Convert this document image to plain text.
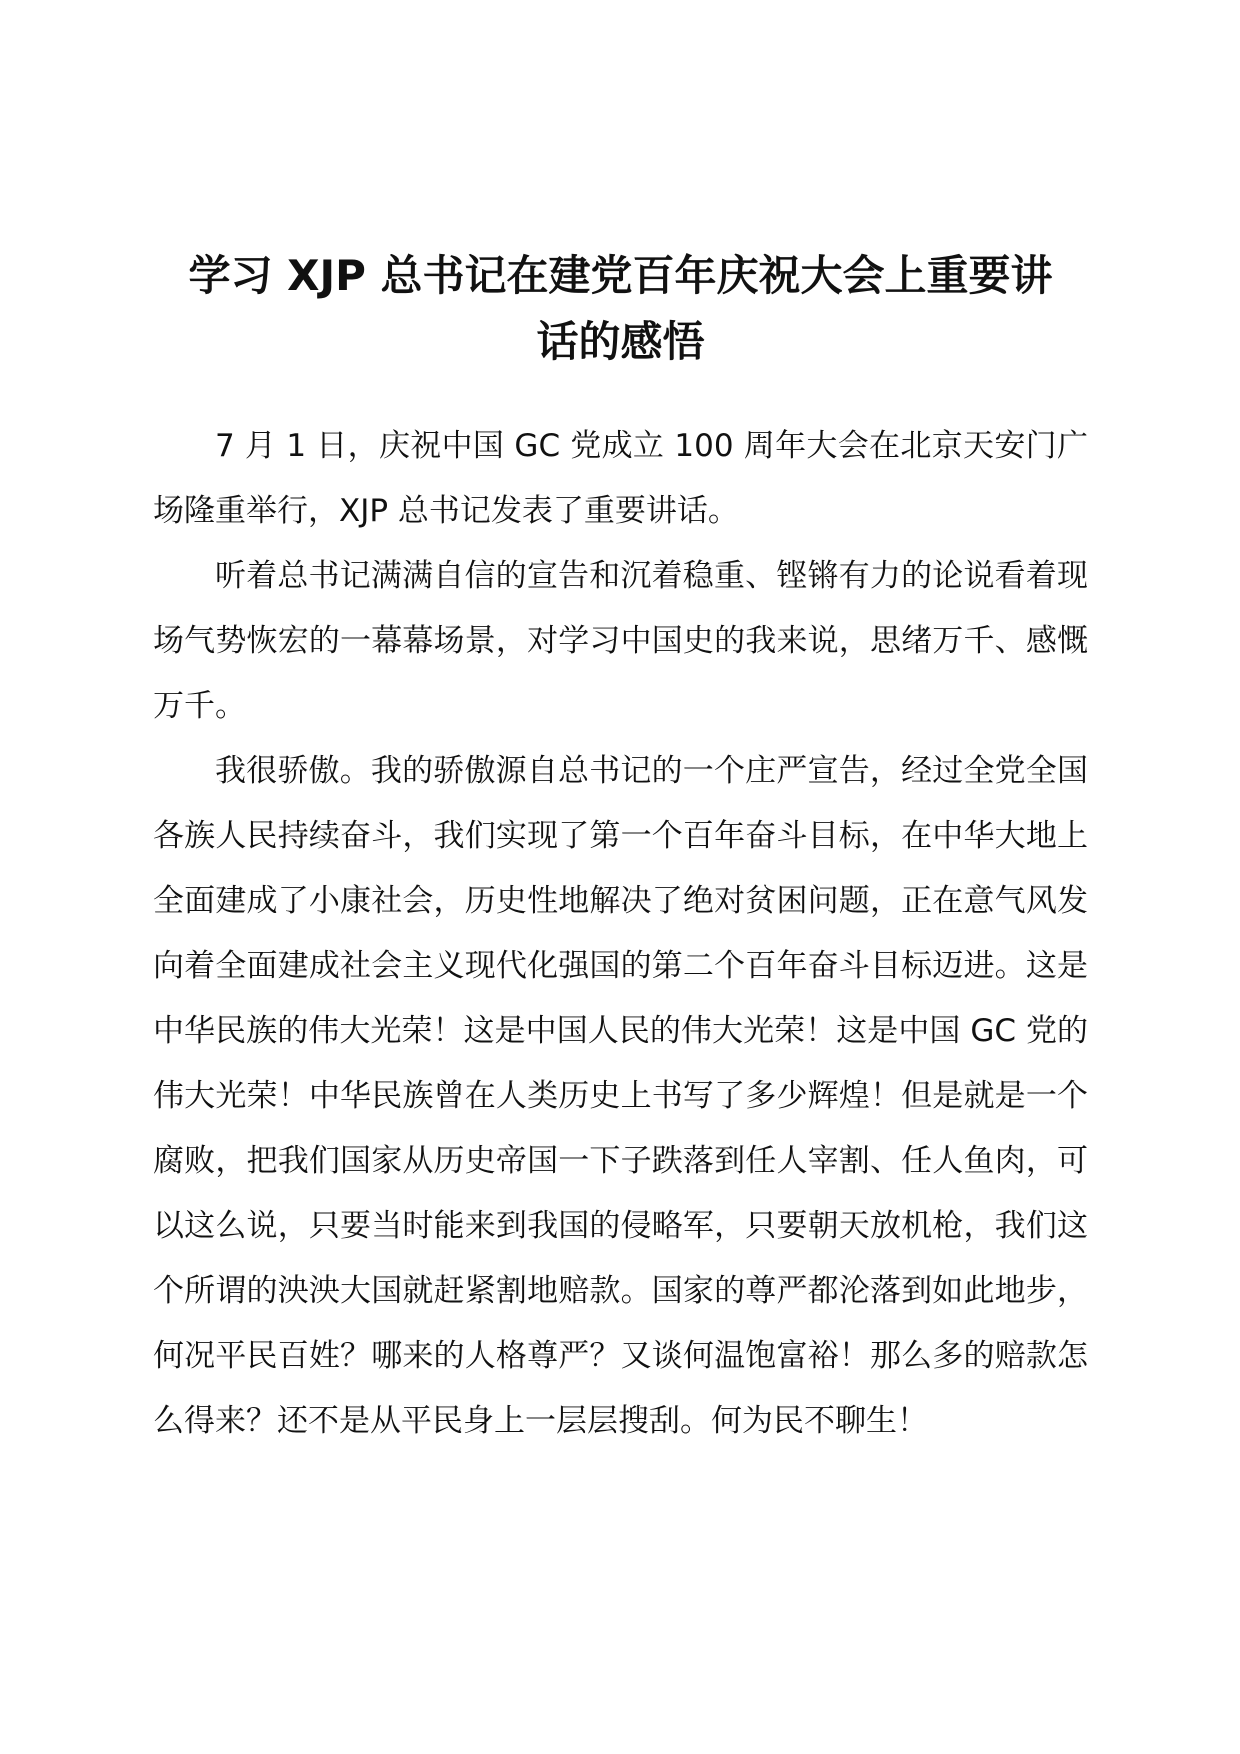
学习 XJP 总书记在建党百年庆祝大会上重要讲
话的感悟

7 月 1 日，庆祝中国 GC 党成立 100 周年大会在北京天安门广场隆重举行，XJP 总书记发表了重要讲话。

听着总书记满满自信的宣告和沉着稳重、铿锵有力的论说看着现场气势恢宏的一幕幕场景，对学习中国史的我来说，思绪万千、感慨万千。

我很骄傲。我的骄傲源自总书记的一个庄严宣告，经过全党全国各族人民持续奋斗，我们实现了第一个百年奋斗目标，在中华大地上全面建成了小康社会，历史性地解决了绝对贫困问题，正在意气风发向着全面建成社会主义现代化强国的第二个百年奋斗目标迈进。这是中华民族的伟大光荣！这是中国人民的伟大光荣！这是中国 GC 党的伟大光荣！中华民族曾在人类历史上书写了多少辉煌！但是就是一个腐败，把我们国家从历史帝国一下子跌落到任人宰割、任人鱼肉，可以这么说，只要当时能来到我国的侵略军，只要朝天放机枪，我们这个所谓的泱泱大国就赶紧割地赔款。国家的尊严都沦落到如此地步，何况平民百姓？哪来的人格尊严？又谈何温饱富裕！那么多的赔款怎么得来？还不是从平民身上一层层搜刮。何为民不聊生！
